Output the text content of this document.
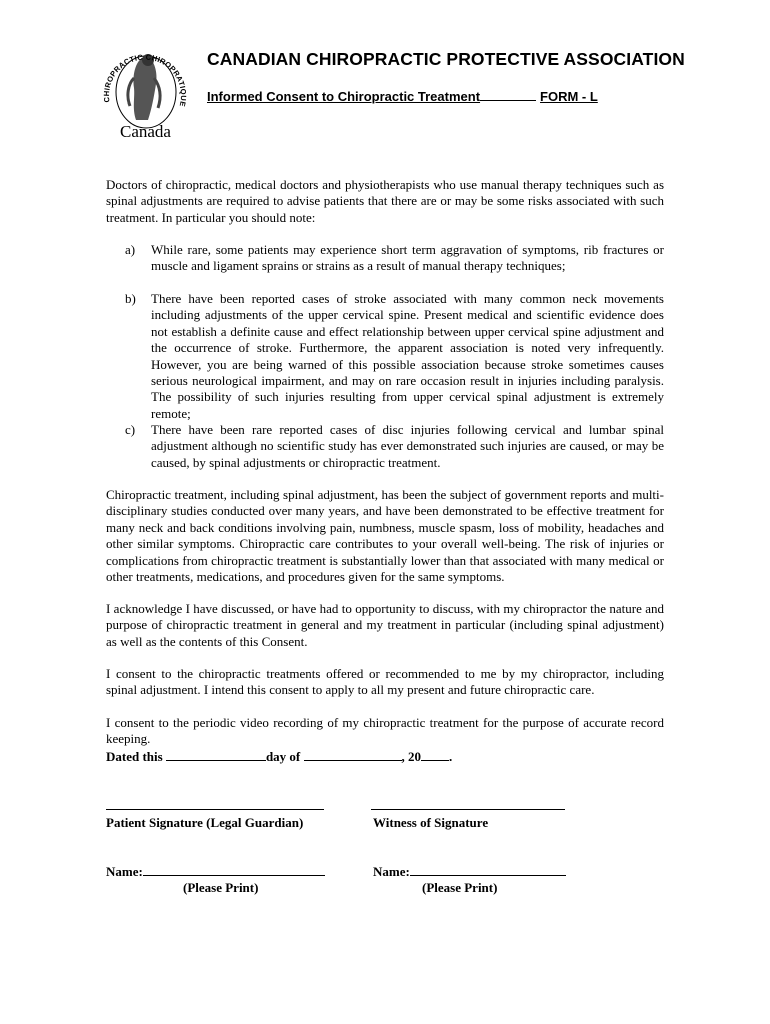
CHIROPRACTIC CHIROPRATIQUE
Canada
CANADIAN CHIROPRACTIC PROTECTIVE ASSOCIATION
Informed Consent to Chiropractic Treatment	FORM - L

Doctors of chiropractic, medical doctors and physiotherapists who use manual therapy techniques such as spinal adjustments are required to advise patients that there are or may be some risks associated with such treatment. In particular you should note:

a) While rare, some patients may experience short term aggravation of symptoms, rib fractures or muscle and ligament sprains or strains as a result of manual therapy techniques;
b) There have been reported cases of stroke associated with many common neck movements including adjustments of the upper cervical spine. Present medical and scientific evidence does not establish a definite cause and effect relationship between upper cervical spine adjustment and the occurrence of stroke. Furthermore, the apparent association is noted very infrequently. However, you are being warned of this possible association because stroke sometimes causes serious neurological impairment, and may on rare occasion result in injuries including paralysis. The possibility of such injuries resulting from upper cervical spinal adjustment is extremely remote;
c) There have been rare reported cases of disc injuries following cervical and lumbar spinal adjustment although no scientific study has ever demonstrated such injuries are caused, or may be caused, by spinal adjustments or chiropractic treatment.

Chiropractic treatment, including spinal adjustment, has been the subject of government reports and multi-disciplinary studies conducted over many years, and have been demonstrated to be effective treatment for many neck and back conditions involving pain, numbness, muscle spasm, loss of mobility, headaches and other similar symptoms. Chiropractic care contributes to your overall well-being. The risk of injuries or complications from chiropractic treatment is substantially lower than that associated with many medical or other treatments, medications, and procedures given for the same symptoms.

I acknowledge I have discussed, or have had to opportunity to discuss, with my chiropractor the nature and purpose of chiropractic treatment in general and my treatment in particular (including spinal adjustment) as well as the contents of this Consent.

I consent to the chiropractic treatments offered or recommended to me by my chiropractor, including spinal adjustment. I intend this consent to apply to all my present and future chiropractic care.

I consent to the periodic video recording of my chiropractic treatment for the purpose of accurate record keeping.

Dated this	day of	, 20 .
Patient Signature (Legal Guardian)	Witness of Signature
Name:	Name:
(Please Print)	(Please Print)
